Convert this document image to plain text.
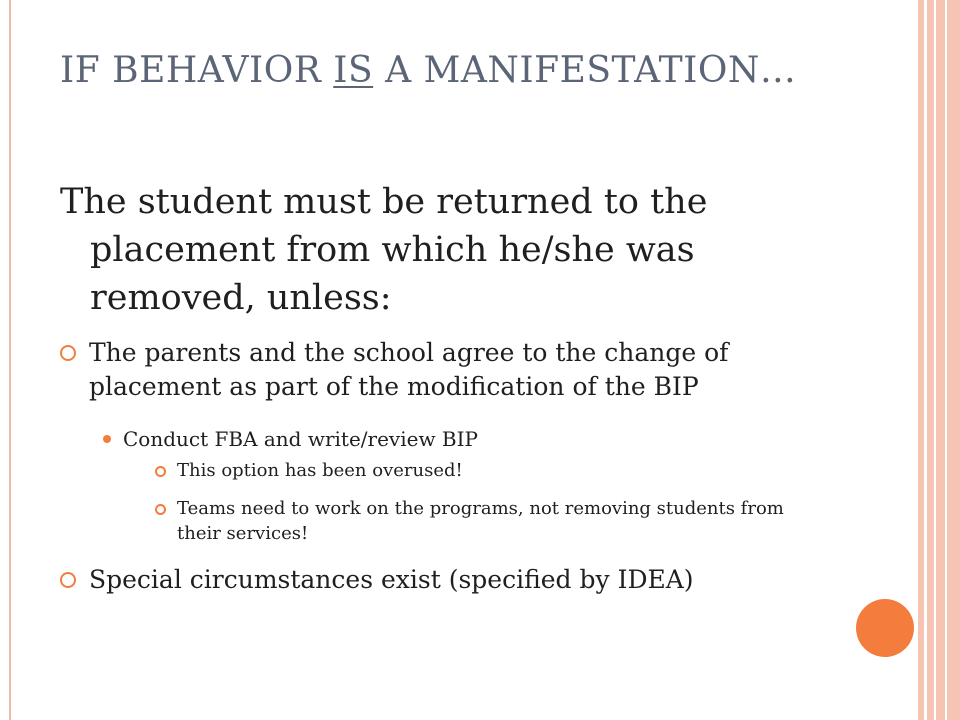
IF BEHAVIOR IS A MANIFESTATION…
The student must be returned to the placement from which he/she was removed, unless:
The parents and the school agree to the change of placement as part of the modification of the BIP
Conduct FBA and write/review BIP
This option has been overused!
Teams need to work on the programs, not removing students from their services!
Special circumstances exist (specified by IDEA)
